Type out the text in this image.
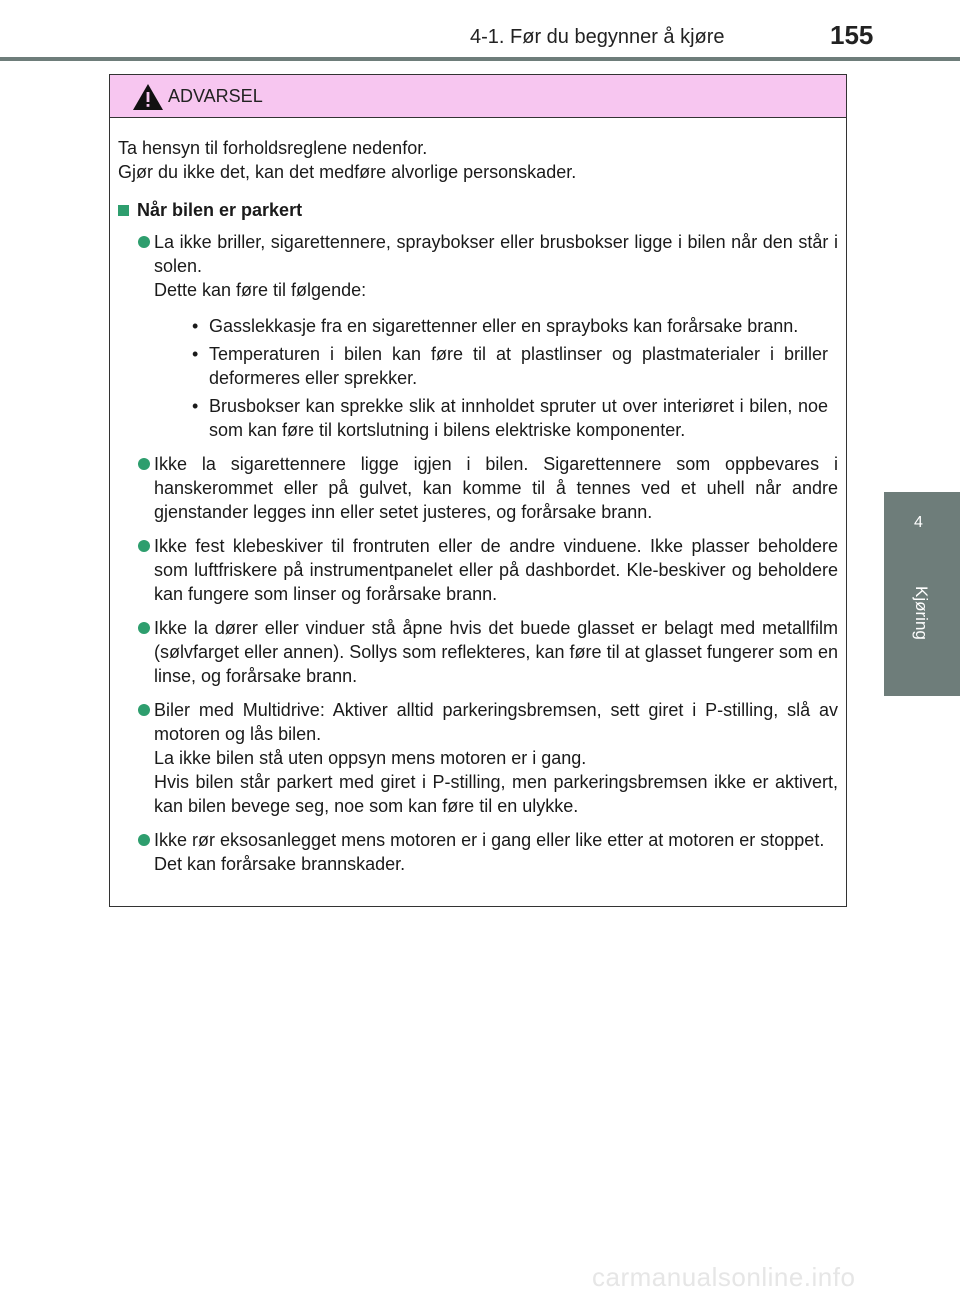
4-1. Før du begynner å kjøre	155
4
Kjøring
ADVARSEL

Ta hensyn til forholdsreglene nedenfor.

Gjør du ikke det, kan det medføre alvorlige personskader.

Når bilen er parkert

La ikke briller, sigarettennere, spraybokser eller brusbokser ligge i bilen når den står i solen.

Dette kan føre til følgende:

• Gasslekkasje fra en sigarettenner eller en sprayboks kan forårsake brann.
• Temperaturen i bilen kan føre til at plastlinser og plastmaterialer i briller deformeres eller sprekker.
• Brusbokser kan sprekke slik at innholdet spruter ut over interiøret i bilen, noe som kan føre til kortslutning i bilens elektriske komponenter.

Ikke la sigarettennere ligge igjen i bilen. Sigarettennere som oppbevares i hanskerommet eller på gulvet, kan komme til å tennes ved et uhell når andre gjenstander legges inn eller setet justeres, og forårsake brann.

Ikke fest klebeskiver til frontruten eller de andre vinduene. Ikke plasser beholdere som luftfriskere på instrumentpanelet eller på dashbordet. Kle-beskiver og beholdere kan fungere som linser og forårsake brann.

Ikke la dører eller vinduer stå åpne hvis det buede glasset er belagt med metallfilm (sølvfarget eller annen). Sollys som reflekteres, kan føre til at glasset fungerer som en linse, og forårsake brann.

Biler med Multidrive: Aktiver alltid parkeringsbremsen, sett giret i P-stilling, slå av motoren og lås bilen.

La ikke bilen stå uten oppsyn mens motoren er i gang.

Hvis bilen står parkert med giret i P-stilling, men parkeringsbremsen ikke er aktivert, kan bilen bevege seg, noe som kan føre til en ulykke.

Ikke rør eksosanlegget mens motoren er i gang eller like etter at motoren er stoppet.

Det kan forårsake brannskader.

carmanualsonline.info
